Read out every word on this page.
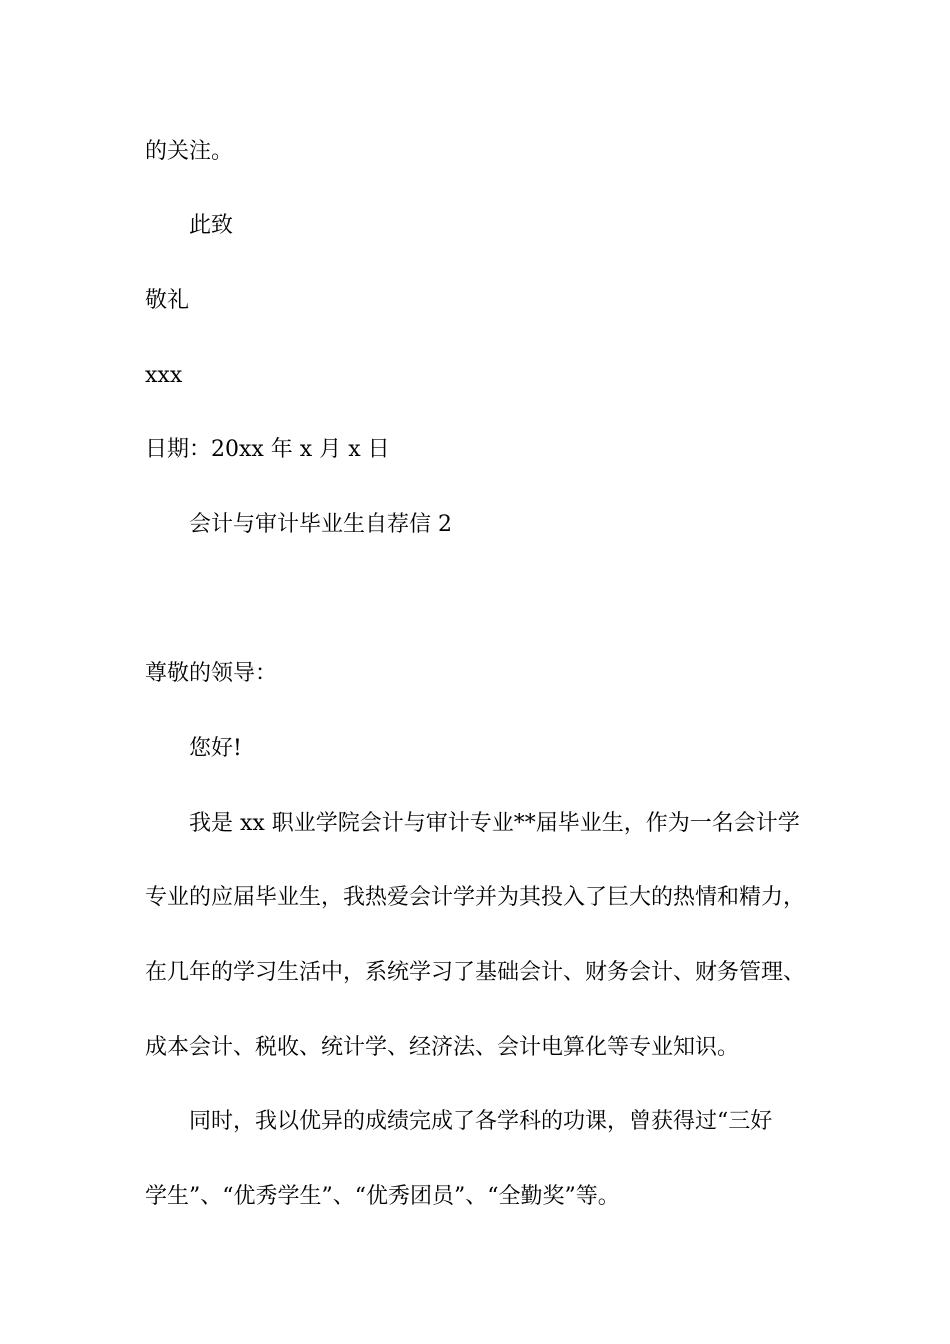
的关注。

此致

敬礼

xxx

日期：20xx 年 x 月 x 日

会计与审计毕业生自荐信 2

尊敬的领导：

您好!

我是 xx 职业学院会计与审计专业**届毕业生，作为一名会计学

专业的应届毕业生，我热爱会计学并为其投入了巨大的热情和精力，

在几年的学习生活中，系统学习了基础会计、财务会计、财务管理、

成本会计、税收、统计学、经济法、会计电算化等专业知识。

同时，我以优异的成绩完成了各学科的功课，曾获得过“三好

学生”、“优秀学生”、“优秀团员”、“全勤奖”等。
